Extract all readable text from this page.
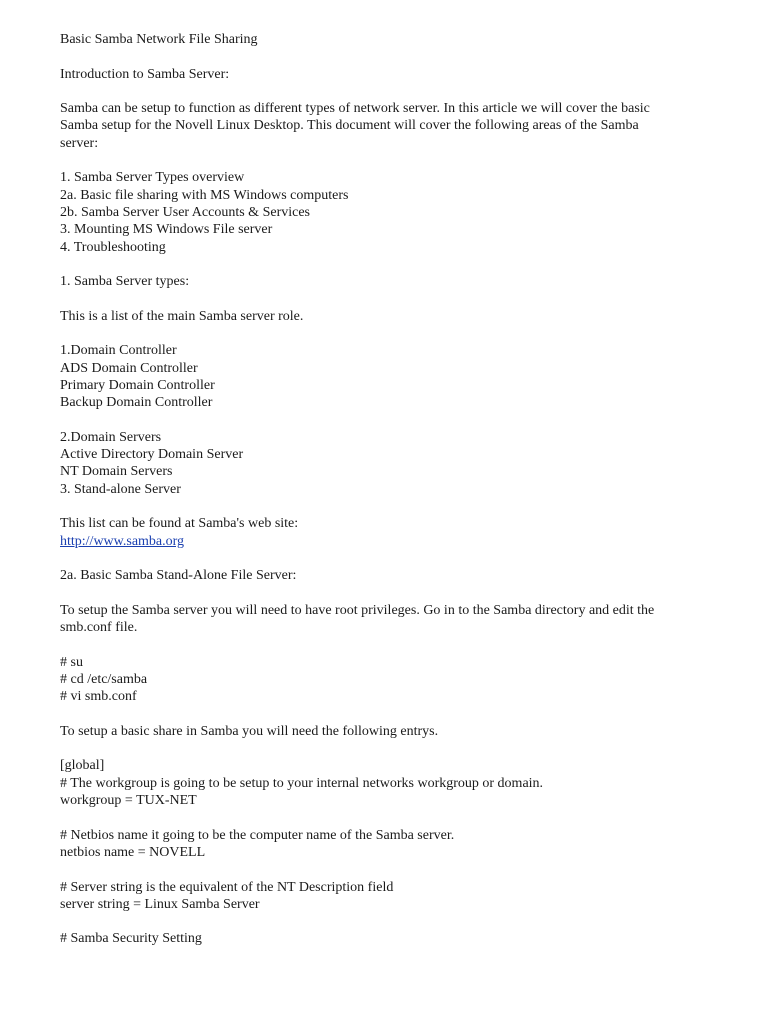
Basic Samba Network File Sharing
Introduction to Samba Server:
Samba can be setup to function as different types of network server. In this article we will cover the basic
Samba setup for the Novell Linux Desktop. This document will cover the following areas of the Samba
server:
1. Samba Server Types overview
2a. Basic file sharing with MS Windows computers
2b. Samba Server User Accounts & Services
3. Mounting MS Windows File server
4. Troubleshooting
1. Samba Server types:
This is a list of the main Samba server role.
1.Domain Controller
ADS Domain Controller
Primary Domain Controller
Backup Domain Controller
2.Domain Servers
Active Directory Domain Server
NT Domain Servers
3. Stand-alone Server
This list can be found at Samba's web site:
http://www.samba.org
2a. Basic Samba Stand-Alone File Server:
To setup the Samba server you will need to have root privileges. Go in to the Samba directory and edit the
smb.conf file.
# su
# cd /etc/samba
# vi smb.conf
To setup a basic share in Samba you will need the following entrys.
[global]
# The workgroup is going to be setup to your internal networks workgroup or domain.
workgroup = TUX-NET
# Netbios name it going to be the computer name of the Samba server.
netbios name = NOVELL
# Server string is the equivalent of the NT Description field
server string = Linux Samba Server
# Samba Security Setting
